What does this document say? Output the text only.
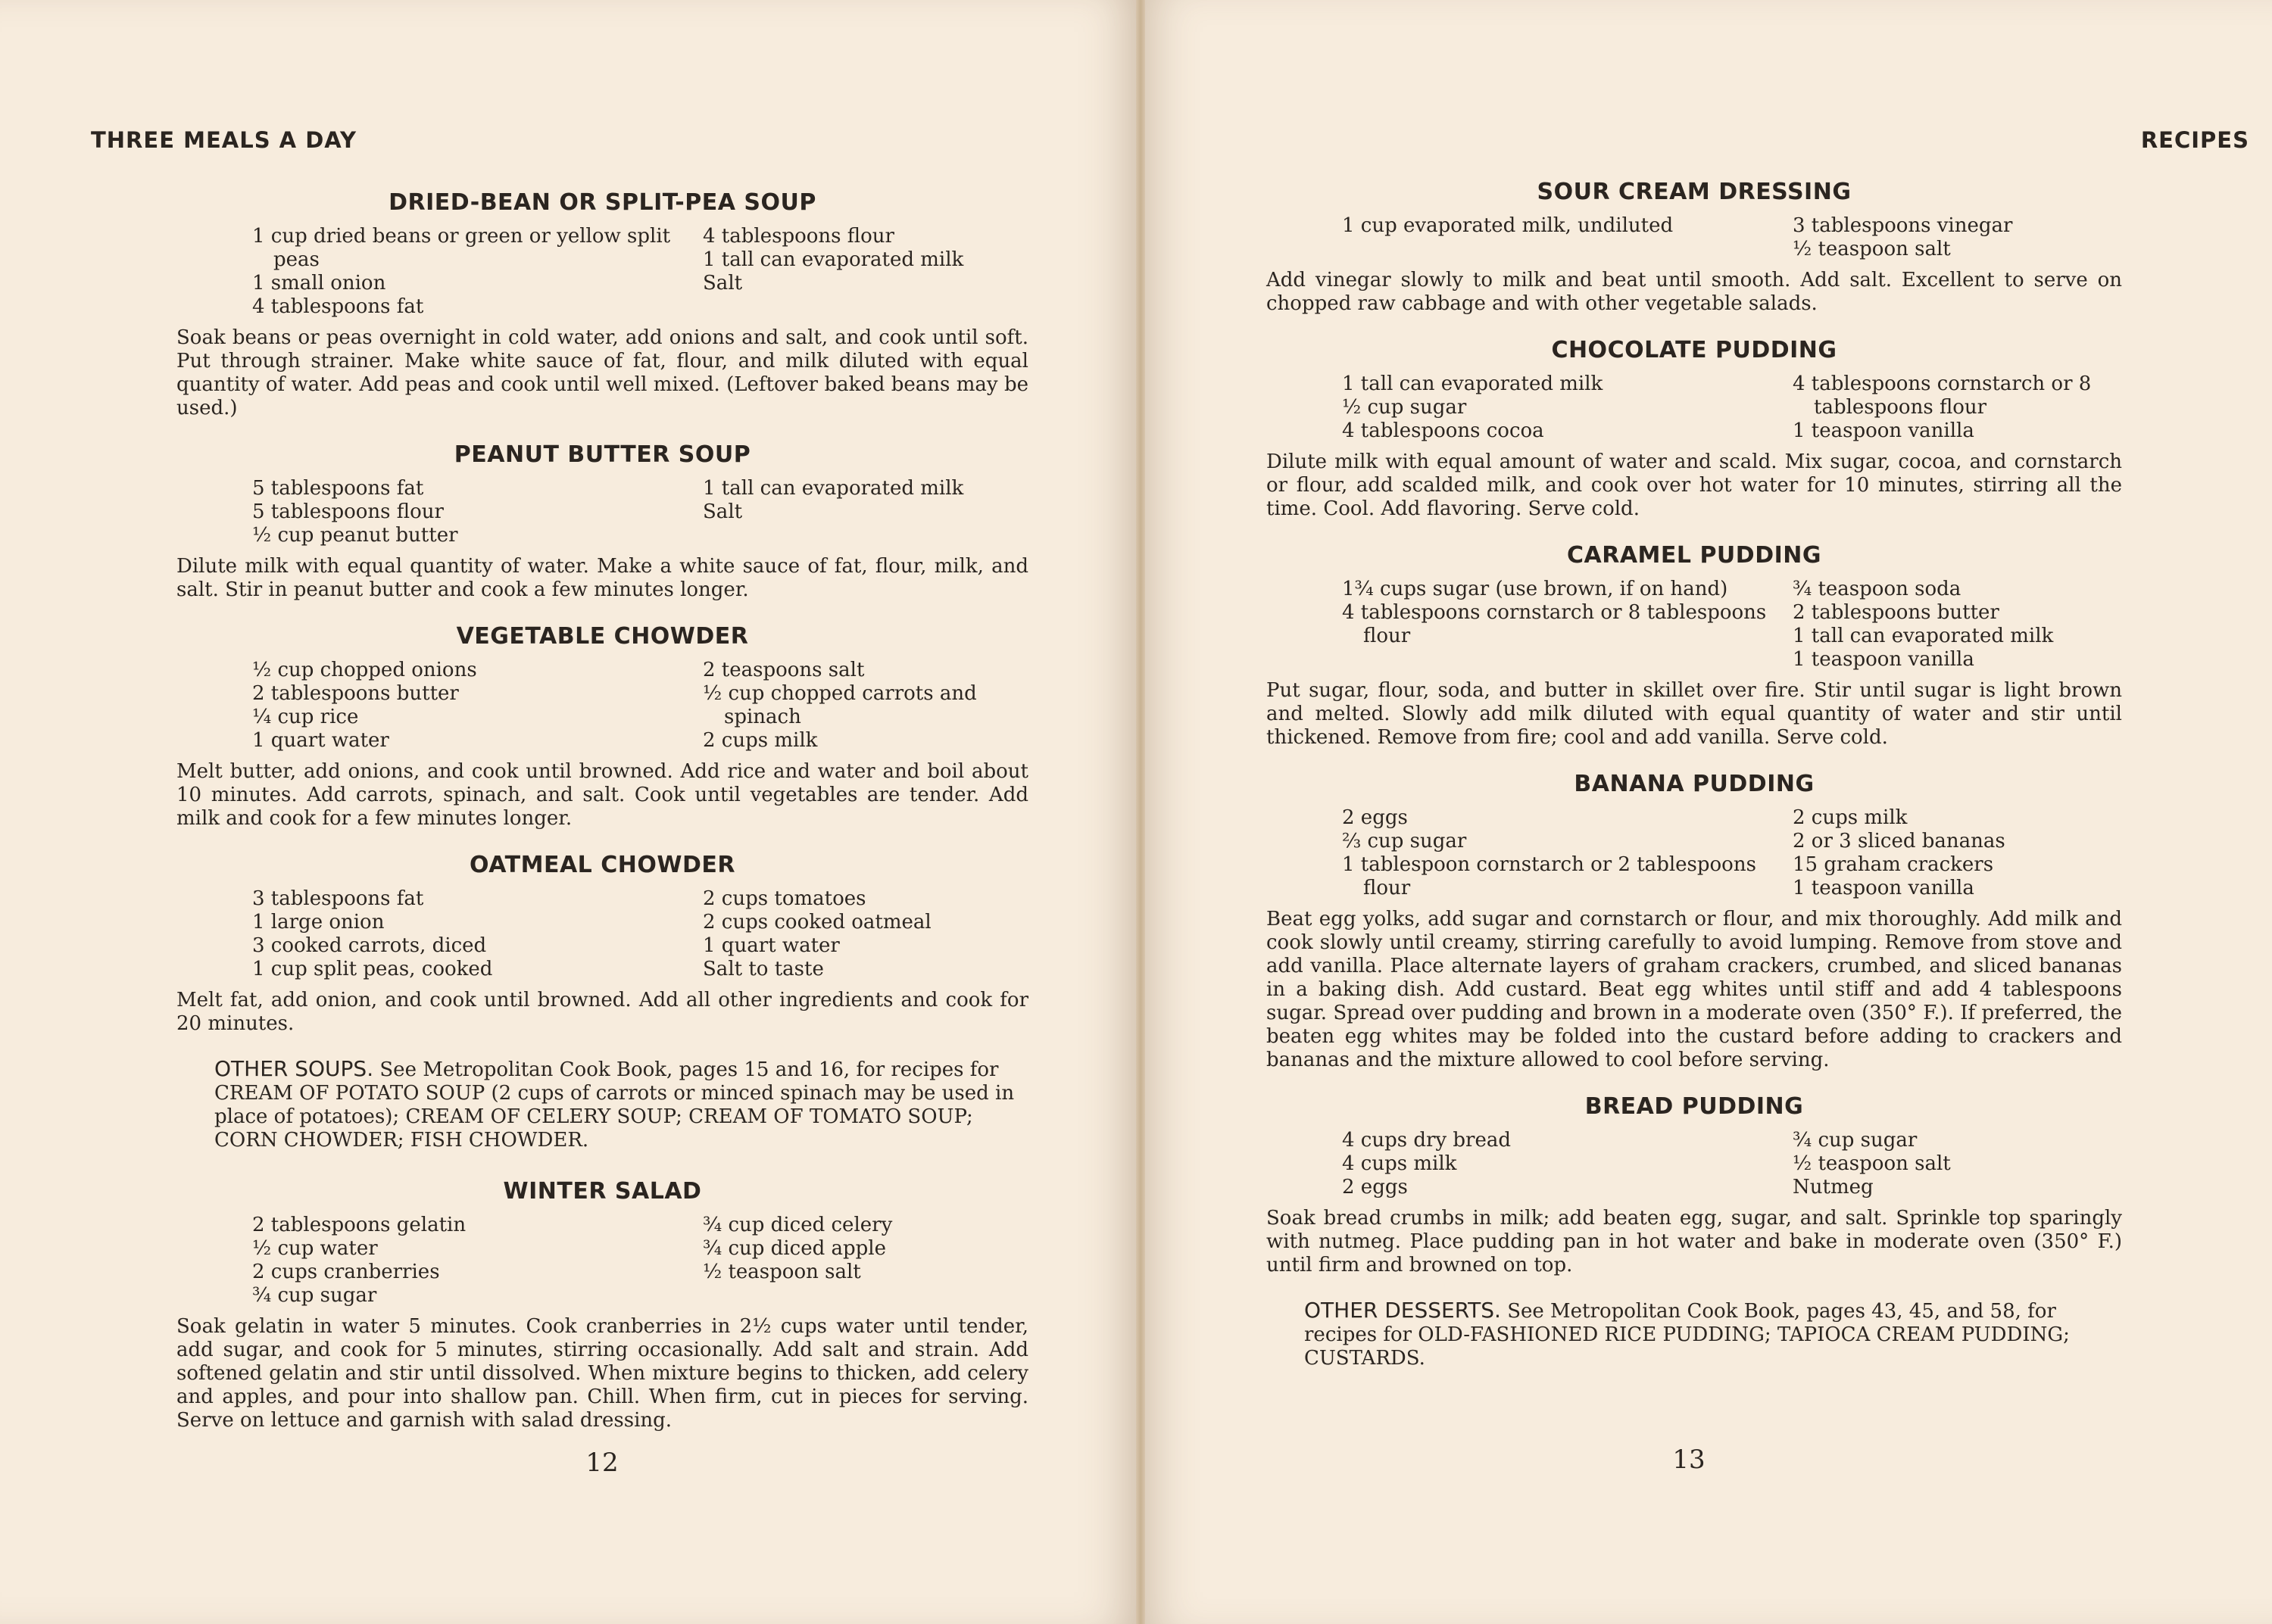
THREE MEALS A DAY
DRIED-BEAN OR SPLIT-PEA SOUP
1 cup dried beans or green or yellow split peas
1 small onion
4 tablespoons fat
4 tablespoons flour
1 tall can evaporated milk
Salt
Soak beans or peas overnight in cold water, add onions and salt, and cook until soft. Put through strainer. Make white sauce of fat, flour, and milk diluted with equal quantity of water. Add peas and cook until well mixed. (Leftover baked beans may be used.)
PEANUT BUTTER SOUP
5 tablespoons fat
5 tablespoons flour
½ cup peanut butter
1 tall can evaporated milk
Salt
Dilute milk with equal quantity of water. Make a white sauce of fat, flour, milk, and salt. Stir in peanut butter and cook a few minutes longer.
VEGETABLE CHOWDER
½ cup chopped onions
2 tablespoons butter
¼ cup rice
1 quart water
2 teaspoons salt
½ cup chopped carrots and spinach
2 cups milk
Melt butter, add onions, and cook until browned. Add rice and water and boil about 10 minutes. Add carrots, spinach, and salt. Cook until vegetables are tender. Add milk and cook for a few minutes longer.
OATMEAL CHOWDER
3 tablespoons fat
1 large onion
3 cooked carrots, diced
1 cup split peas, cooked
2 cups tomatoes
2 cups cooked oatmeal
1 quart water
Salt to taste
Melt fat, add onion, and cook until browned. Add all other ingredients and cook for 20 minutes.
OTHER SOUPS. See Metropolitan Cook Book, pages 15 and 16, for recipes for CREAM OF POTATO SOUP (2 cups of carrots or minced spinach may be used in place of potatoes); CREAM OF CELERY SOUP; CREAM OF TOMATO SOUP; CORN CHOWDER; FISH CHOWDER.
WINTER SALAD
2 tablespoons gelatin
½ cup water
2 cups cranberries
¾ cup sugar
¾ cup diced celery
¾ cup diced apple
½ teaspoon salt
Soak gelatin in water 5 minutes. Cook cranberries in 2½ cups water until tender, add sugar, and cook for 5 minutes, stirring occasionally. Add salt and strain. Add softened gelatin and stir until dissolved. When mixture begins to thicken, add celery and apples, and pour into shallow pan. Chill. When firm, cut in pieces for serving. Serve on lettuce and garnish with salad dressing.
12
RECIPES
SOUR CREAM DRESSING
1 cup evaporated milk, undiluted	3 tablespoons vinegar
½ teaspoon salt
Add vinegar slowly to milk and beat until smooth. Add salt. Excellent to serve on chopped raw cabbage and with other vegetable salads.
CHOCOLATE PUDDING
1 tall can evaporated milk
½ cup sugar
4 tablespoons cocoa
4 tablespoons cornstarch or 8 tablespoons flour
1 teaspoon vanilla
Dilute milk with equal amount of water and scald. Mix sugar, cocoa, and cornstarch or flour, add scalded milk, and cook over hot water for 10 minutes, stirring all the time. Cool. Add flavoring. Serve cold.
CARAMEL PUDDING
1¾ cups sugar (use brown, if on hand)
4 tablespoons cornstarch or 8 tablespoons flour
¾ teaspoon soda
2 tablespoons butter
1 tall can evaporated milk
1 teaspoon vanilla
Put sugar, flour, soda, and butter in skillet over fire. Stir until sugar is light brown and melted. Slowly add milk diluted with equal quantity of water and stir until thickened. Remove from fire; cool and add vanilla. Serve cold.
BANANA PUDDING
2 eggs
⅔ cup sugar
1 tablespoon cornstarch or 2 tablespoons flour
2 cups milk
2 or 3 sliced bananas
15 graham crackers
1 teaspoon vanilla
Beat egg yolks, add sugar and cornstarch or flour, and mix thoroughly. Add milk and cook slowly until creamy, stirring carefully to avoid lumping. Remove from stove and add vanilla. Place alternate layers of graham crackers, crumbed, and sliced bananas in a baking dish. Add custard. Beat egg whites until stiff and add 4 tablespoons sugar. Spread over pudding and brown in a moderate oven (350° F.). If preferred, the beaten egg whites may be folded into the custard before adding to crackers and bananas and the mixture allowed to cool before serving.
BREAD PUDDING
4 cups dry bread
4 cups milk
2 eggs
¾ cup sugar
½ teaspoon salt
Nutmeg
Soak bread crumbs in milk; add beaten egg, sugar, and salt. Sprinkle top sparingly with nutmeg. Place pudding pan in hot water and bake in moderate oven (350° F.) until firm and browned on top.
OTHER DESSERTS. See Metropolitan Cook Book, pages 43, 45, and 58, for recipes for OLD-FASHIONED RICE PUDDING; TAPIOCA CREAM PUDDING; CUSTARDS.
13
